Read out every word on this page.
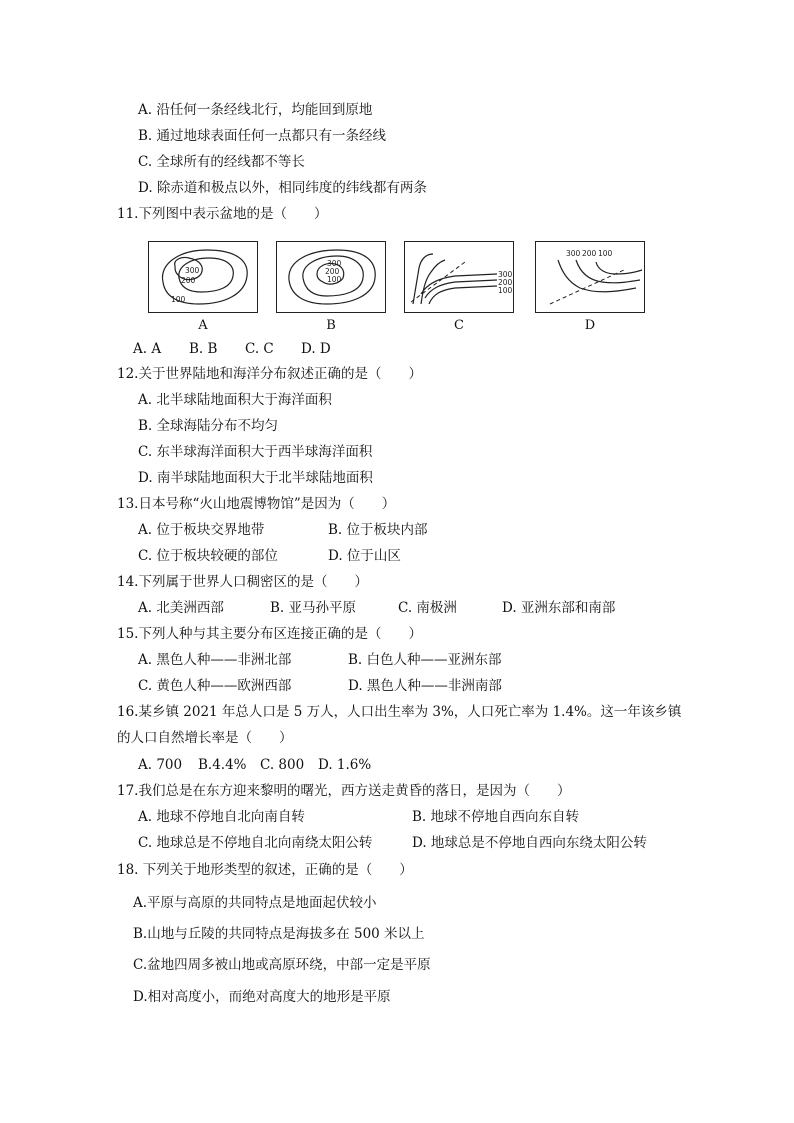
A. 沿任何一条经线北行，均能回到原地
B. 通过地球表面任何一点都只有一条经线
C. 全球所有的经线都不等长
D. 除赤道和极点以外，相同纬度的纬线都有两条
11.下列图中表示盆地的是（　　）
300
200
100
A
300
200
100
B
300
200
100
C
300 200 100
D
A. A B. B C. C D. D
12.关于世界陆地和海洋分布叙述正确的是（　　）
A. 北半球陆地面积大于海洋面积
B. 全球海陆分布不均匀
C. 东半球海洋面积大于西半球海洋面积
D. 南半球陆地面积大于北半球陆地面积
13.日本号称“火山地震博物馆”是因为（　　）
A. 位于板块交界地带	B. 位于板块内部
C. 位于板块较硬的部位	D. 位于山区
14.下列属于世界人口稠密区的是（　　）
A. 北美洲西部	B. 亚马孙平原	C. 南极洲	D. 亚洲东部和南部
15.下列人种与其主要分布区连接正确的是（　　）
A. 黑色人种——非洲北部	B. 白色人种——亚洲东部
C. 黄色人种——欧洲西部	D. 黑色人种——非洲南部
16.某乡镇 2021 年总人口是 5 万人，人口出生率为 3%，人口死亡率为 1.4%。这一年该乡镇
的人口自然增长率是（　　）
A. 700 B.4.4% C. 800 D. 1.6%
17.我们总是在东方迎来黎明的曙光，西方送走黄昏的落日，是因为（　　）
A. 地球不停地自北向南自转	B. 地球不停地自西向东自转
C. 地球总是不停地自北向南绕太阳公转	D. 地球总是不停地自西向东绕太阳公转
18. 下列关于地形类型的叙述，正确的是（　　）
A.平原与高原的共同特点是地面起伏较小
B.山地与丘陵的共同特点是海拔多在 500 米以上
C.盆地四周多被山地或高原环绕，中部一定是平原
D.相对高度小，而绝对高度大的地形是平原
